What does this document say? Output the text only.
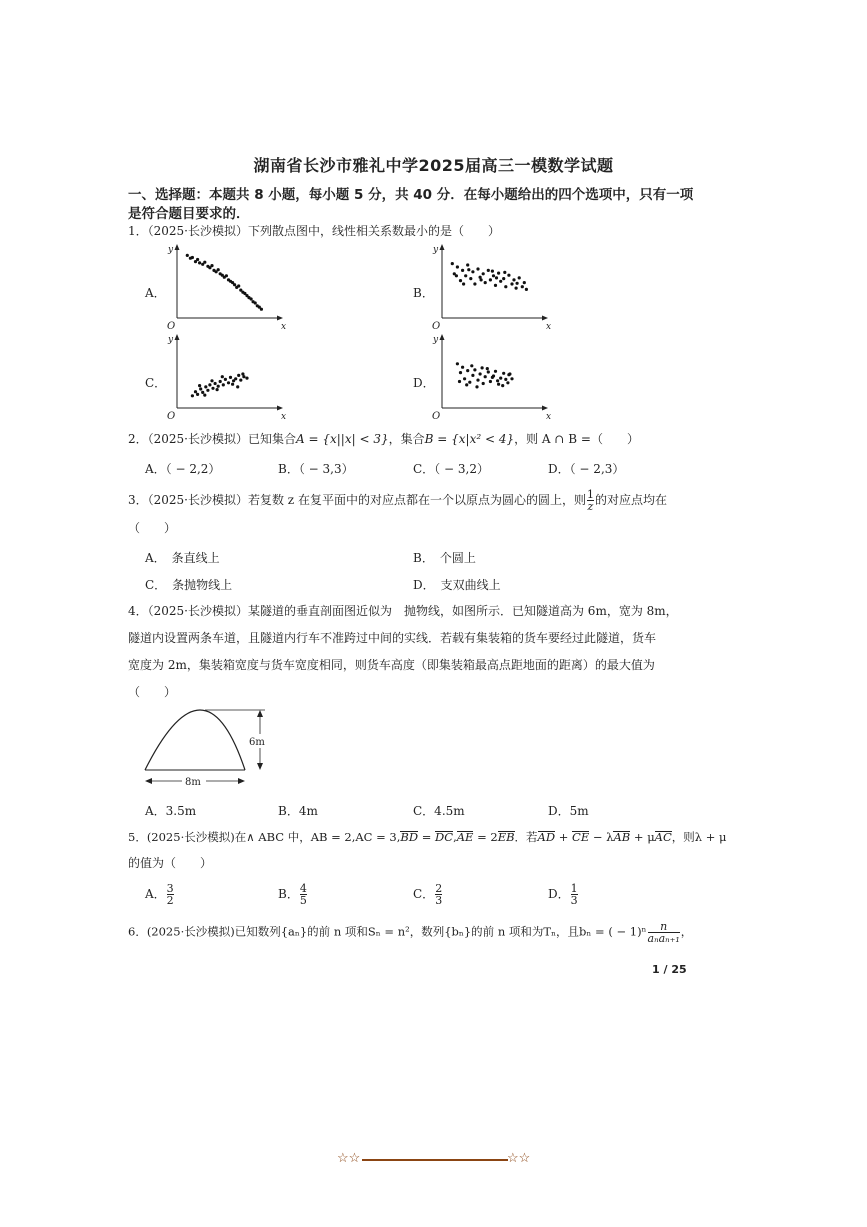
湖南省长沙市雅礼中学2025届高三一模数学试题
一、选择题：本题共 8 小题，每小题 5 分，共 40 分．在每小题给出的四个选项中，只有一项
是符合题目要求的．
1．（2025·长沙模拟）下列散点图中，线性相关系数最小的是（　　）
A．	B．
C．	D．
O	x
y
O	x
y
O	x
y
O	x
y
2．（2025·长沙模拟）已知集合A = {x||x| < 3}，集合B = {x|x² < 4}，则 A ∩ B =（　　）
A．（ − 2,2）	B．（ − 3,3）	C．（ − 3,2）	D．（ − 2,3）
3．（2025·长沙模拟）若复数 z 在复平面中的对应点都在一个以原点为圆心的圆上，则 $\frac{1}{z}$ 的对应点均在
（　　）
A．　条直线上	B．　个圆上
C．　条抛物线上	D．　支双曲线上
4．（2025·长沙模拟）某隧道的垂直剖面图近似为　抛物线，如图所示．已知隧道高为 6m，宽为 8m，
隧道内设置两条车道，且隧道内行车不准跨过中间的实线．若载有集装箱的货车要经过此隧道，货车
宽度为 2m，集装箱宽度与货车宽度相同，则货车高度（即集装箱最高点距地面的距离）的最大值为
（　　）
6m
8m
A．3.5m	B．4m	C．4.5m	D．5m
5．(2025·长沙模拟)在∧ ABC 中，AB = 2,AC = 3,BD = DC,AE = 2EB．若AD + CE − λAB + μAC，则λ + μ
的值为（　　）
A． $\frac{3}{2}$	B． $\frac{4}{5}$	C． $\frac{2}{3}$	D． $\frac{1}{3}$
6．(2025·长沙模拟)已知数列{aₙ}的前 n 项和Sₙ = n²，数列{bₙ}的前 n 项和为Tₙ，且bₙ = ( − $1)^n \frac{n}{\text{aₙaₙ₊₁}}$ ，
1 / 25
☆☆	☆☆
